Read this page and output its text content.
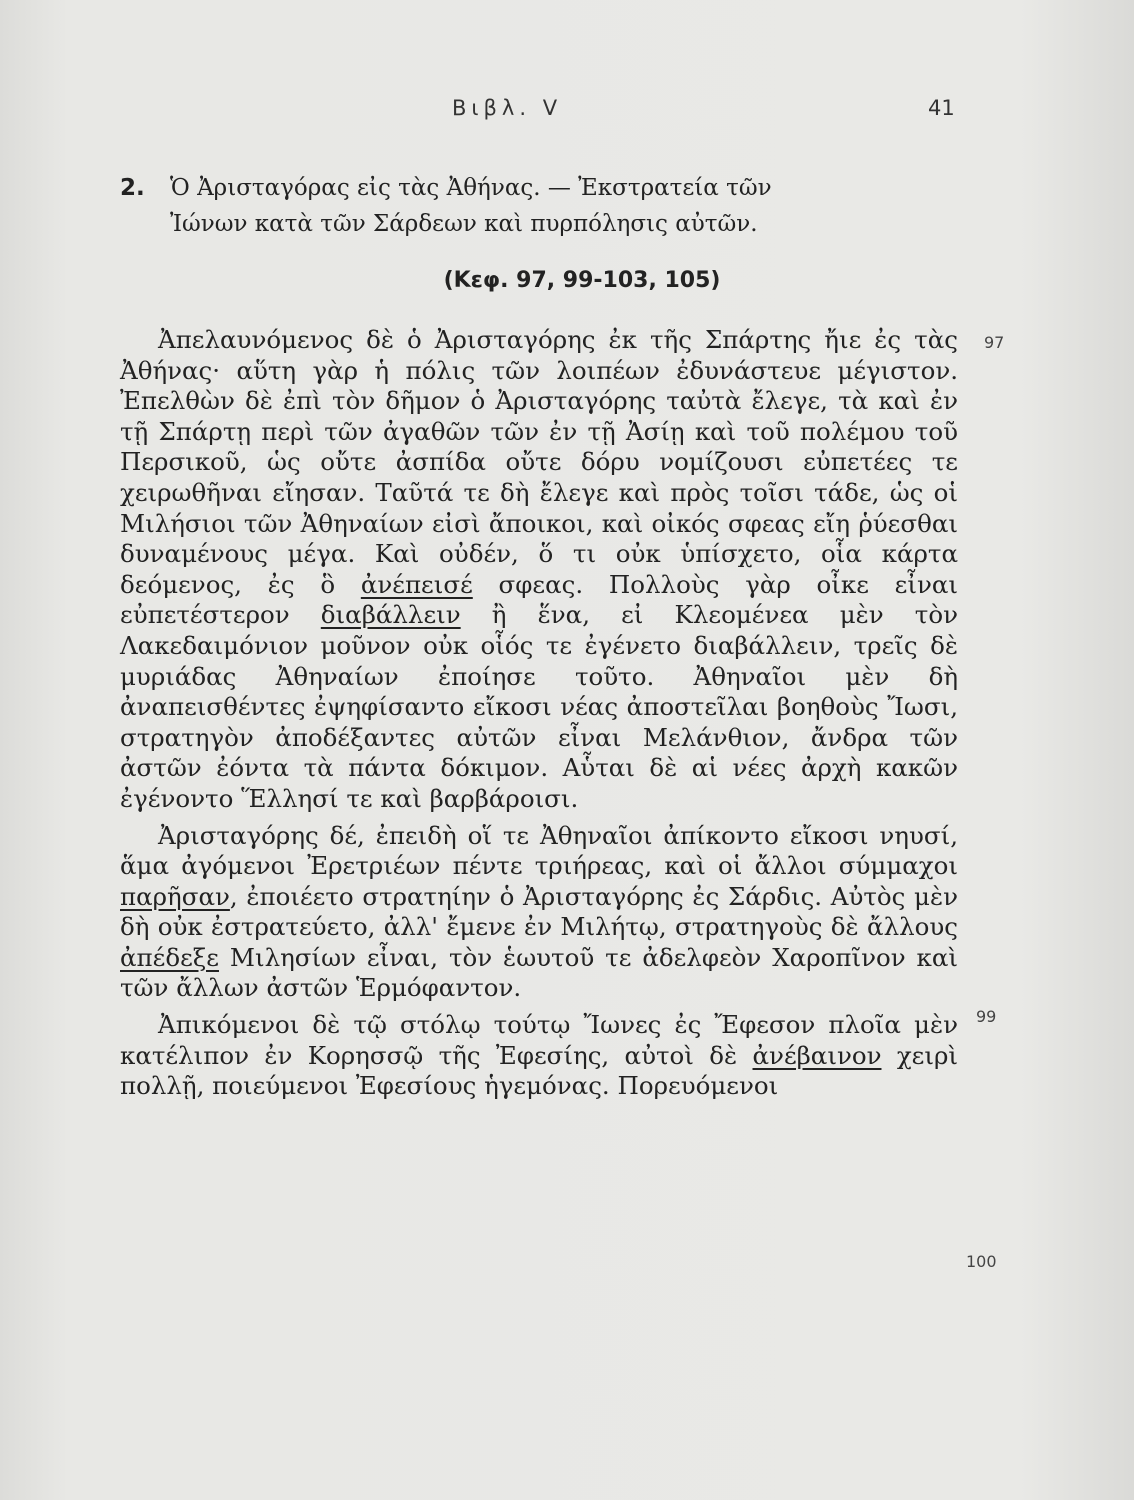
Βιβλ. V	41
2. Ὁ Ἀρισταγόρας εἰς τὰς Ἀθήνας. — Ἐκστρατεία τῶν
Ἰώνων κατὰ τῶν Σάρδεων καὶ πυρπόλησις αὐτῶν.
(Κεφ. 97, 99-103, 105)
97
99
100

Ἀπελαυνόμενος δὲ ὁ Ἀρισταγόρης ἐκ τῆς Σπάρτης ἤιε ἐς τὰς Ἀθήνας· αὕτη γὰρ ἡ πόλις τῶν λοιπέων ἐδυνάστευε μέγιστον. Ἐπελθὼν δὲ ἐπὶ τὸν δῆμον ὁ Ἀρισταγόρης ταὐτὰ ἔλεγε, τὰ καὶ ἐν τῇ Σπάρτῃ περὶ τῶν ἀγαθῶν τῶν ἐν τῇ Ἀσίῃ καὶ τοῦ πολέμου τοῦ Περσικοῦ, ὡς οὔτε ἀσπίδα οὔτε δόρυ νομίζουσι εὐπετέες τε χειρωθῆναι εἴησαν. Ταῦτά τε δὴ ἔλεγε καὶ πρὸς τοῖσι τάδε, ὡς οἱ Μιλήσιοι τῶν Ἀθηναίων εἰσὶ ἄποικοι, καὶ οἰκός σφεας εἴη ῥύεσθαι δυναμένους μέγα. Καὶ οὐδέν, ὅ τι οὐκ ὑπίσχετο, οἷα κάρτα δεόμενος, ἐς ὃ ἀνέπεισέ σφεας. Πολλοὺς γὰρ οἶκε εἶναι εὐπετέστερον διαβάλλειν ἢ ἕνα, εἰ Κλεομένεα μὲν τὸν Λακεδαιμόνιον μοῦνον οὐκ οἷός τε ἐγένετο διαβάλλειν, τρεῖς δὲ μυριάδας Ἀθηναίων ἐποίησε τοῦτο. Ἀθηναῖοι μὲν δὴ ἀναπεισθέντες ἐψηφίσαντο εἴκοσι νέας ἀποστεῖλαι βοηθοὺς Ἴωσι, στρατηγὸν ἀποδέξαντες αὐτῶν εἶναι Μελάνθιον, ἄνδρα τῶν ἀστῶν ἐόντα τὰ πάντα δόκιμον. Αὗται δὲ αἱ νέες ἀρχὴ κακῶν ἐγένοντο Ἕλλησί τε καὶ βαρβάροισι.

Ἀρισταγόρης δέ, ἐπειδὴ οἵ τε Ἀθηναῖοι ἀπίκοντο εἴκοσι νηυσί, ἅμα ἀγόμενοι Ἐρετριέων πέντε τριήρεας, καὶ οἱ ἄλλοι σύμμαχοι παρῆσαν, ἐποιέετο στρατηίην ὁ Ἀρισταγόρης ἐς Σάρδις. Αὐτὸς μὲν δὴ οὐκ ἐστρατεύετο, ἀλλ' ἔμενε ἐν Μιλήτῳ, στρατηγοὺς δὲ ἄλλους ἀπέδεξε Μιλησίων εἶναι, τὸν ἑωυτοῦ τε ἀδελφεὸν Χαροπῖνον καὶ τῶν ἄλλων ἀστῶν Ἑρμόφαντον.

Ἀπικόμενοι δὲ τῷ στόλῳ τούτῳ Ἴωνες ἐς Ἔφεσον πλοῖα μὲν κατέλιπον ἐν Κορησσῷ τῆς Ἐφεσίης, αὐτοὶ δὲ ἀνέβαινον χειρὶ πολλῇ, ποιεύμενοι Ἐφεσίους ἡγεμόνας. Πορευόμενοι
